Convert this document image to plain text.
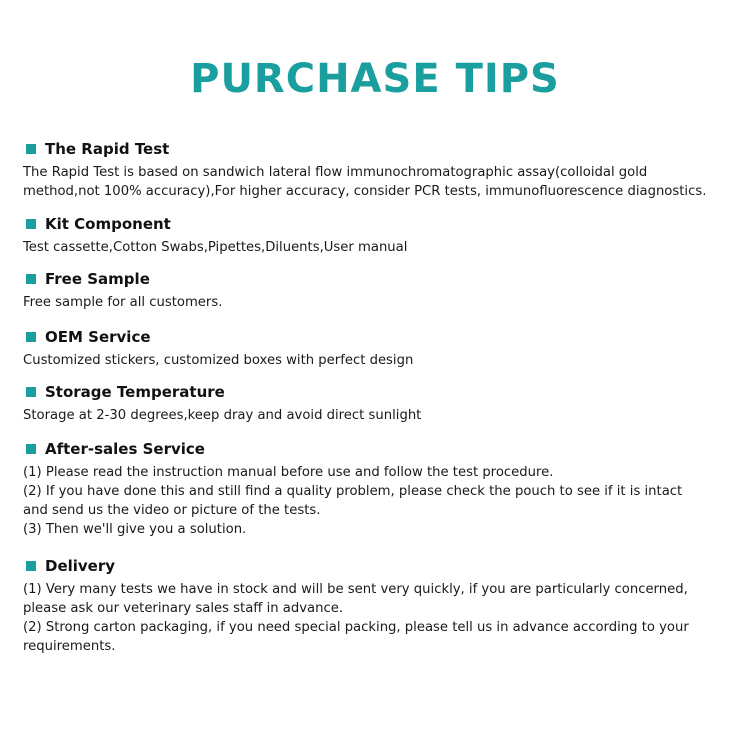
PURCHASE TIPS
The Rapid Test
The Rapid Test is based on sandwich lateral flow immunochromatographic assay(colloidal gold
method,not 100% accuracy),For higher accuracy, consider PCR tests, immunofluorescence diagnostics.
Kit Component
Test cassette,Cotton Swabs,Pipettes,Diluents,User manual
Free Sample
Free sample for all customers.
OEM Service
Customized stickers, customized boxes with perfect design
Storage Temperature
Storage at 2-30 degrees,keep dray and avoid direct sunlight
After-sales Service
(1) Please read the instruction manual before use and follow the test procedure.
(2) If you have done this and still find a quality problem, please check the pouch to see if it is intact
and send us the video or picture of the tests.
(3) Then we'll give you a solution.
Delivery
(1) Very many tests we have in stock and will be sent very quickly, if you are particularly concerned,
please ask our veterinary sales staff in advance.
(2) Strong carton packaging, if you need special packing, please tell us in advance according to your
requirements.
